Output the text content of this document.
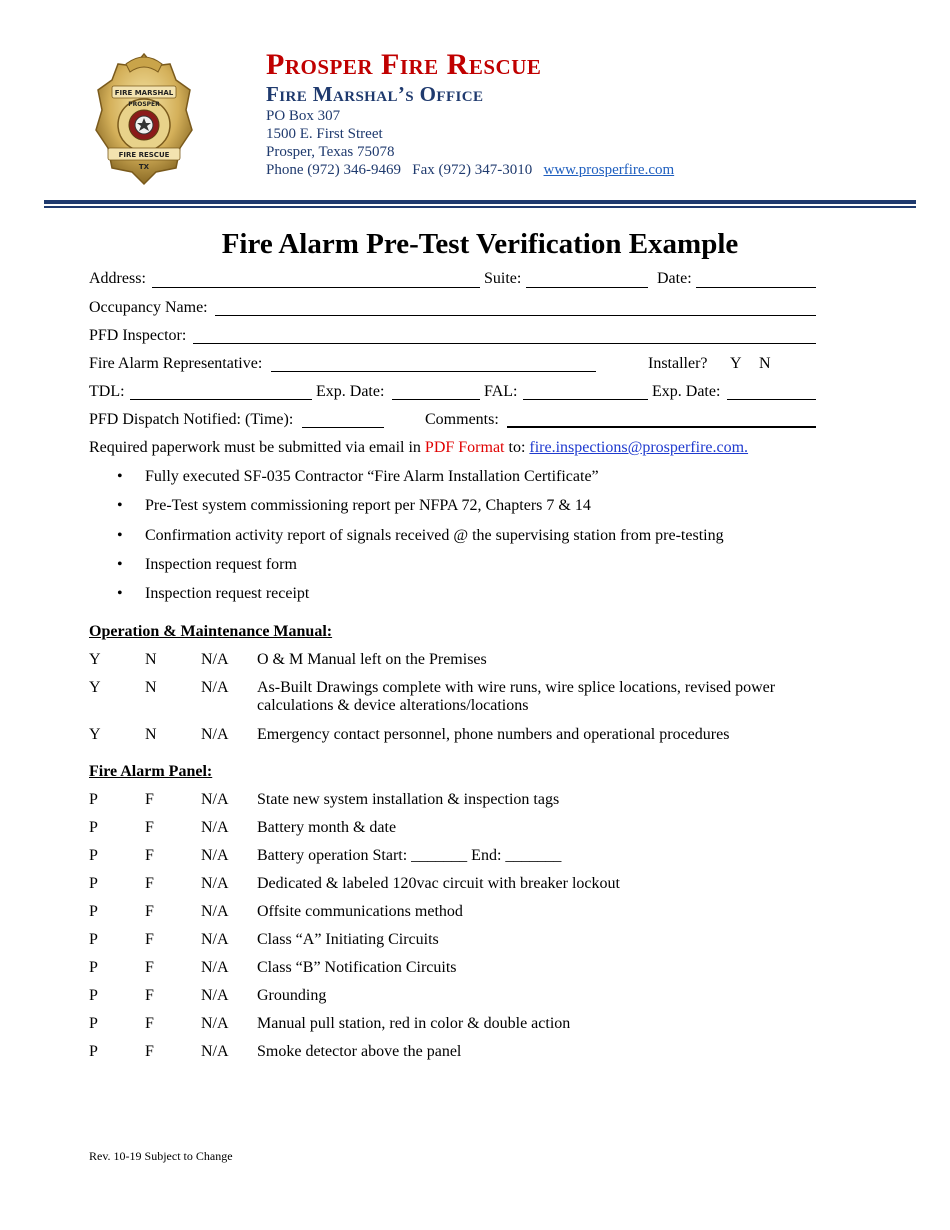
FIRE MARSHAL
PROSPER
FIRE RESCUE
TX
Prosper Fire Rescue
Fire Marshal’s Office
PO Box 307
1500 E. First Street
Prosper, Texas 75078
Phone (972) 346-9469 Fax (972) 347-3010 www.prosperfire.com
Fire Alarm Pre-Test Verification Example
Address:	Suite:	Date:
Occupancy Name:
PFD Inspector:
Fire Alarm Representative:	Installer? Y N
TDL:	Exp. Date:	FAL:	Exp. Date:
PFD Dispatch Notified: (Time):	Comments:
Required paperwork must be submitted via email in PDF Format to: fire.inspections@prosperfire.com.
• Fully executed SF-035 Contractor “Fire Alarm Installation Certificate”
• Pre-Test system commissioning report per NFPA 72, Chapters 7 & 14
• Confirmation activity report of signals received @ the supervising station from pre-testing
• Inspection request form
• Inspection request receipt
Operation & Maintenance Manual:
Y	N	N/A O & M Manual left on the Premises
Y	N	N/A As-Built Drawings complete with wire runs, wire splice locations, revised power
calculations & device alterations/locations
Y	N	N/A Emergency contact personnel, phone numbers and operational procedures
Fire Alarm Panel:
P	F	N/A State new system installation & inspection tags
P	F	N/A Battery month & date
P	F	N/A Battery operation Start: _______ End: _______
P	F	N/A Dedicated & labeled 120vac circuit with breaker lockout
P	F	N/A Offsite communications method
P	F	N/A Class “A” Initiating Circuits
P	F	N/A Class “B” Notification Circuits
P	F	N/A Grounding
P	F	N/A Manual pull station, red in color & double action
P	F	N/A Smoke detector above the panel
Rev. 10-19 Subject to Change
